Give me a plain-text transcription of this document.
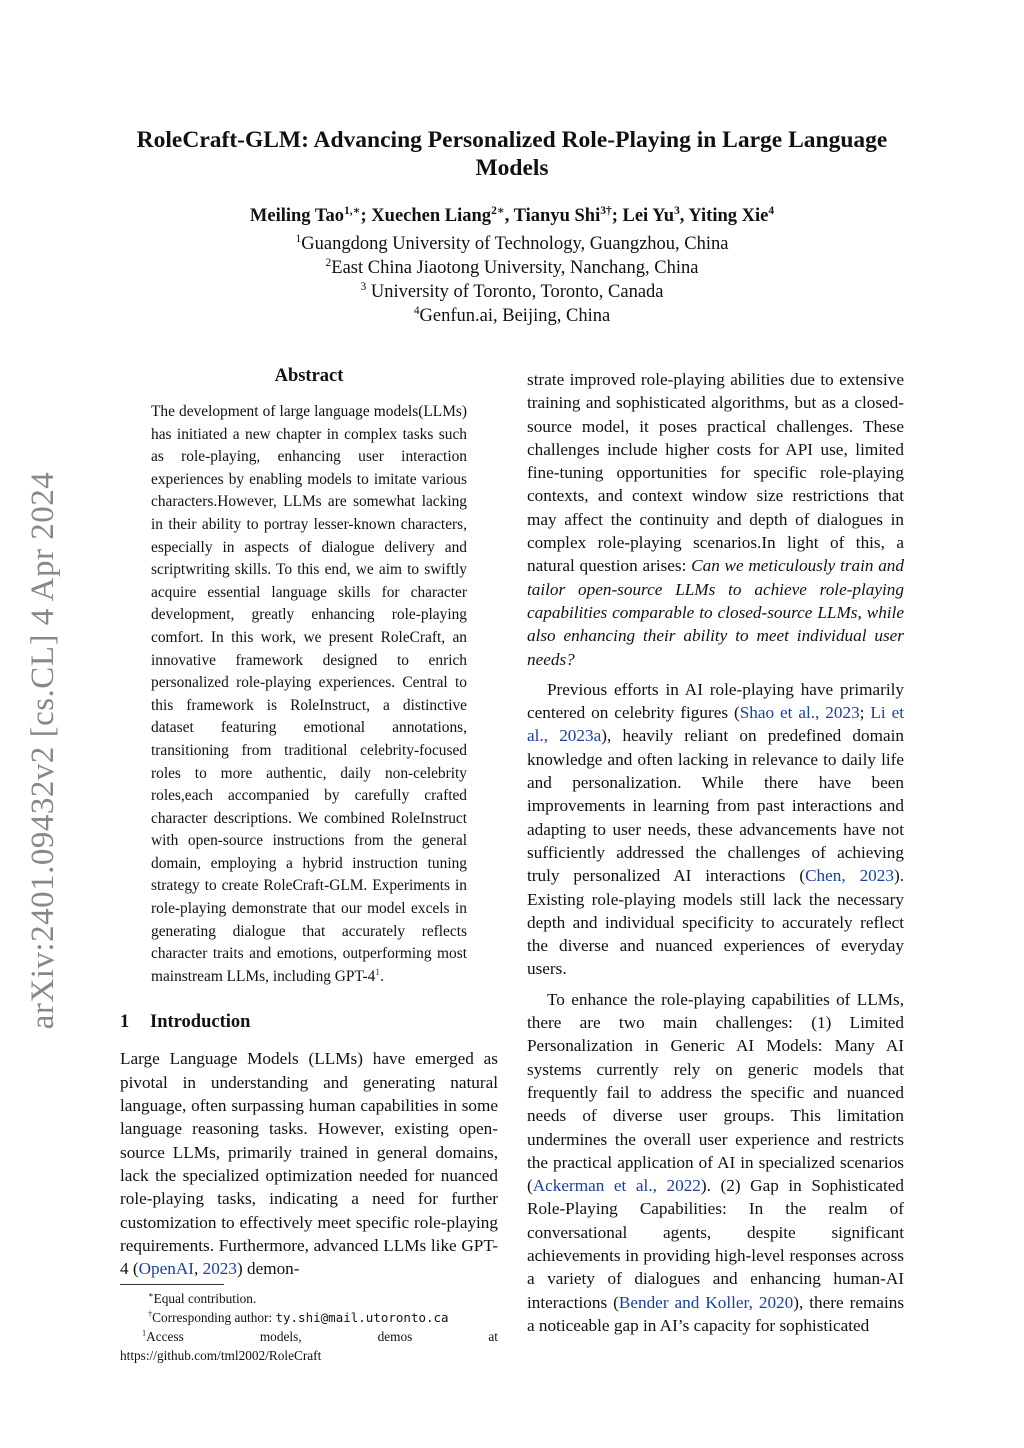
arXiv:2401.09432v2 [cs.CL] 4 Apr 2024
RoleCraft-GLM: Advancing Personalized Role-Playing in Large Language Models
Meiling Tao$^{1,∗}$; Xuechen Liang$^{2∗}$, Tianyu Shi$^{3\dagger}$; Lei Yu$^3$, Yiting Xie$^4$
$^1$Guangdong University of Technology, Guangzhou, China
$^2$East China Jiaotong University, Nanchang, China
$^3$ University of Toronto, Toronto, Canada
$^4$Genfun.ai, Beijing, China
Abstract

The development of large language models(LLMs) has initiated a new chapter in complex tasks such as role-playing, enhancing user interaction experiences by enabling models to imitate various characters.However, LLMs are somewhat lacking in their ability to portray lesser-known characters, especially in aspects of dialogue delivery and scriptwriting skills. To this end, we aim to swiftly acquire essential language skills for character development, greatly enhancing role-playing comfort. In this work, we present RoleCraft, an innovative framework designed to enrich personalized role-playing experiences. Central to this framework is RoleInstruct, a distinctive dataset featuring emotional annotations, transitioning from traditional celebrity-focused roles to more authentic, daily non-celebrity roles,each accompanied by carefully crafted character descriptions. We combined RoleInstruct with open-source instructions from the general domain, employing a hybrid instruction tuning strategy to create RoleCraft-GLM. Experiments in role-playing demonstrate that our model excels in generating dialogue that accurately reflects character traits and emotions, outperforming most mainstream LLMs, including GPT-$4^1$.

1 Introduction

Large Language Models (LLMs) have emerged as pivotal in understanding and generating natural language, often surpassing human capabilities in some language reasoning tasks. However, existing open-source LLMs, primarily trained in general domains, lack the specialized optimization needed for nuanced role-playing tasks, indicating a need for further customization to effectively meet specific role-playing requirements. Furthermore, advanced LLMs like GPT-4 (OpenAI, 2023) demon-

∗Equal contribution.

†Corresponding author: ty.shi@mail.utoronto.ca

$^1$Access	models,	demos	at
https://github.com/tml2002/RoleCraft

strate improved role-playing abilities due to extensive training and sophisticated algorithms, but as a closed-source model, it poses practical challenges. These challenges include higher costs for API use, limited fine-tuning opportunities for specific role-playing contexts, and context window size restrictions that may affect the continuity and depth of dialogues in complex role-playing scenarios.In light of this, a natural question arises: Can we meticulously train and tailor open-source LLMs to achieve role-playing capabilities comparable to closed-source LLMs, while also enhancing their ability to meet individual user needs?

Previous efforts in AI role-playing have primarily centered on celebrity figures (Shao et al., 2023; Li et al., 2023a), heavily reliant on predefined domain knowledge and often lacking in relevance to daily life and personalization. While there have been improvements in learning from past interactions and adapting to user needs, these advancements have not sufficiently addressed the challenges of achieving truly personalized AI interactions (Chen, 2023). Existing role-playing models still lack the necessary depth and individual specificity to accurately reflect the diverse and nuanced experiences of everyday users.

To enhance the role-playing capabilities of LLMs, there are two main challenges: (1) Limited Personalization in Generic AI Models: Many AI systems currently rely on generic models that frequently fail to address the specific and nuanced needs of diverse user groups. This limitation undermines the overall user experience and restricts the practical application of AI in specialized scenarios (Ackerman et al., 2022). (2) Gap in Sophisticated Role-Playing Capabilities: In the realm of conversational agents, despite significant achievements in providing high-level responses across a variety of dialogues and enhancing human-AI interactions (Bender and Koller, 2020), there remains a noticeable gap in AI’s capacity for sophisticated
